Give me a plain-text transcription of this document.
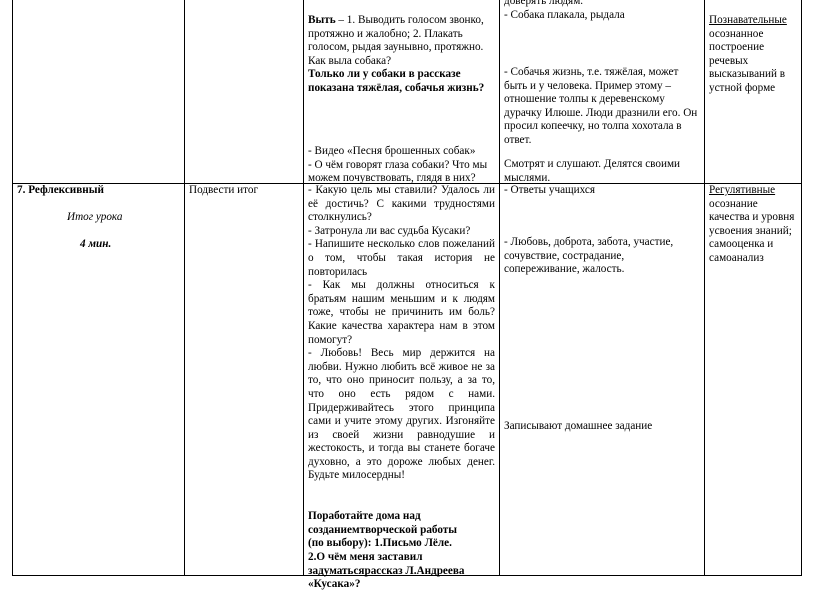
Выть – 1. Выводить голосом звонко, протяжно и жалобно; 2. Плакать голосом, рыдая заунывно, протяжно. Как выла собака?

Только ли у собаки в рассказе показана тяжёлая, собачья жизнь?

- Видео «Песня брошенных собак»

- О чём говорят глаза собаки? Что мы можем почувствовать, глядя в них?

доверять людям.

- Собака плакала, рыдала

- Собачья жизнь, т.е. тяжёлая, может быть и у человека. Пример этому – отношение толпы к деревенскому дурачку Илюше. Люди дразнили его. Он просил копеечку, но толпа хохотала в ответ.

Смотрят и слушают. Делятся своими мыслями.

Познавательные

осознанное построение речевых высказываний в устной форме

7. Рефлексивный

Итог урока

4 мин.

Подвести итог	- Какую цель мы ставили? Удалось ли её достичь? С какими трудностями столкнулись?

- Затронула ли вас судьба Кусаки?

- Напишите несколько слов пожеланий о том, чтобы такая история не повторилась

- Как мы должны относиться к братьям нашим меньшим и к людям тоже, чтобы не причинить им боль? Какие качества характера нам в этом помогут?

- Любовь! Весь мир держится на любви. Нужно любить всё живое не за то, что оно приносит пользу, а за то, что оно есть рядом с нами. Придерживайтесь этого принципа сами и учите этому других. Изгоняйте из своей жизни равнодушие и жестокость, и тогда вы станете богаче духовно, а это дороже любых денег. Будьте милосердны!

Поработайте дома над созданиемтворческой работы

(по выбору): 1.Письмо Лёле.

2.О чём меня заставил задуматьсярассказ Л.Андреева «Кусака»?

- Ответы учащихся

- Любовь, доброта, забота, участие, сочувствие, сострадание, сопереживание, жалость.

Записывают домашнее задание

Регулятивные

осознание качества и уровня усвоения знаний; самооценка и самоанализ
